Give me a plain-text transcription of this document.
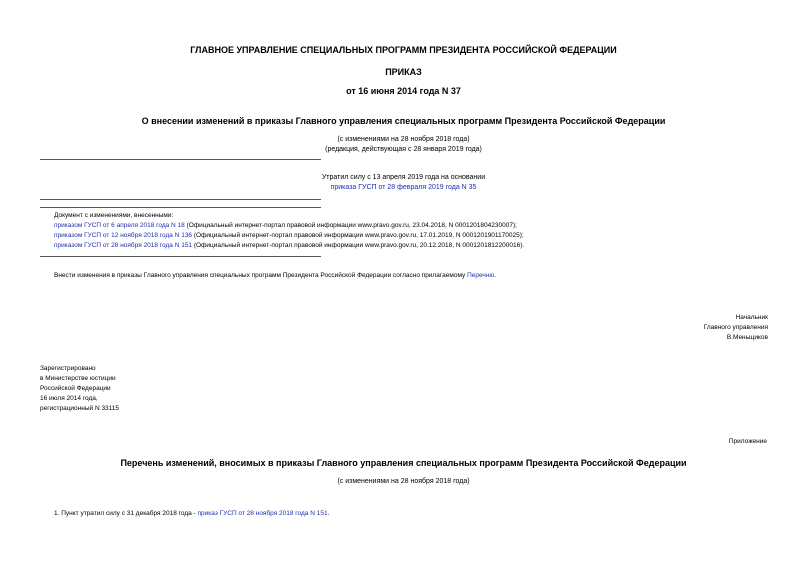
ГЛАВНОЕ УПРАВЛЕНИЕ СПЕЦИАЛЬНЫХ ПРОГРАММ ПРЕЗИДЕНТА РОССИЙСКОЙ ФЕДЕРАЦИИ
ПРИКАЗ
от 16 июня 2014 года N 37
О внесении изменений в приказы Главного управления специальных программ Президента Российской Федерации
(с изменениями на 28 ноября 2018 года)
(редакция, действующая с 28 января 2019 года)
Утратил силу с 13 апреля 2019 года на основании
приказа ГУСП от 28 февраля 2019 года N 35
Документ с изменениями, внесенными:
приказом ГУСП от 6 апреля 2018 года N 18 (Официальный интернет-портал правовой информации www.pravo.gov.ru, 23.04.2018, N 0001201804230007);
приказом ГУСП от 12 ноября 2018 года N 136 (Официальный интернет-портал правовой информации www.pravo.gov.ru, 17.01.2019, N 0001201901170025);
приказом ГУСП от 28 ноября 2018 года N 151 (Официальный интернет-портал правовой информации www.pravo.gov.ru, 20.12.2018, N 0001201812200016).
Внести изменения в приказы Главного управления специальных программ Президента Российской Федерации согласно прилагаемому Перечню.
Начальник
Главного управления
В.Меньщиков
Зарегистрировано
в Министерстве юстиции
Российской Федерации
16 июля 2014 года,
регистрационный N 33115
Приложение
Перечень изменений, вносимых в приказы Главного управления специальных программ Президента Российской Федерации
(с изменениями на 28 ноября 2018 года)
1. Пункт утратил силу с 31 декабря 2018 года - приказ ГУСП от 28 ноября 2018 года N 151.
